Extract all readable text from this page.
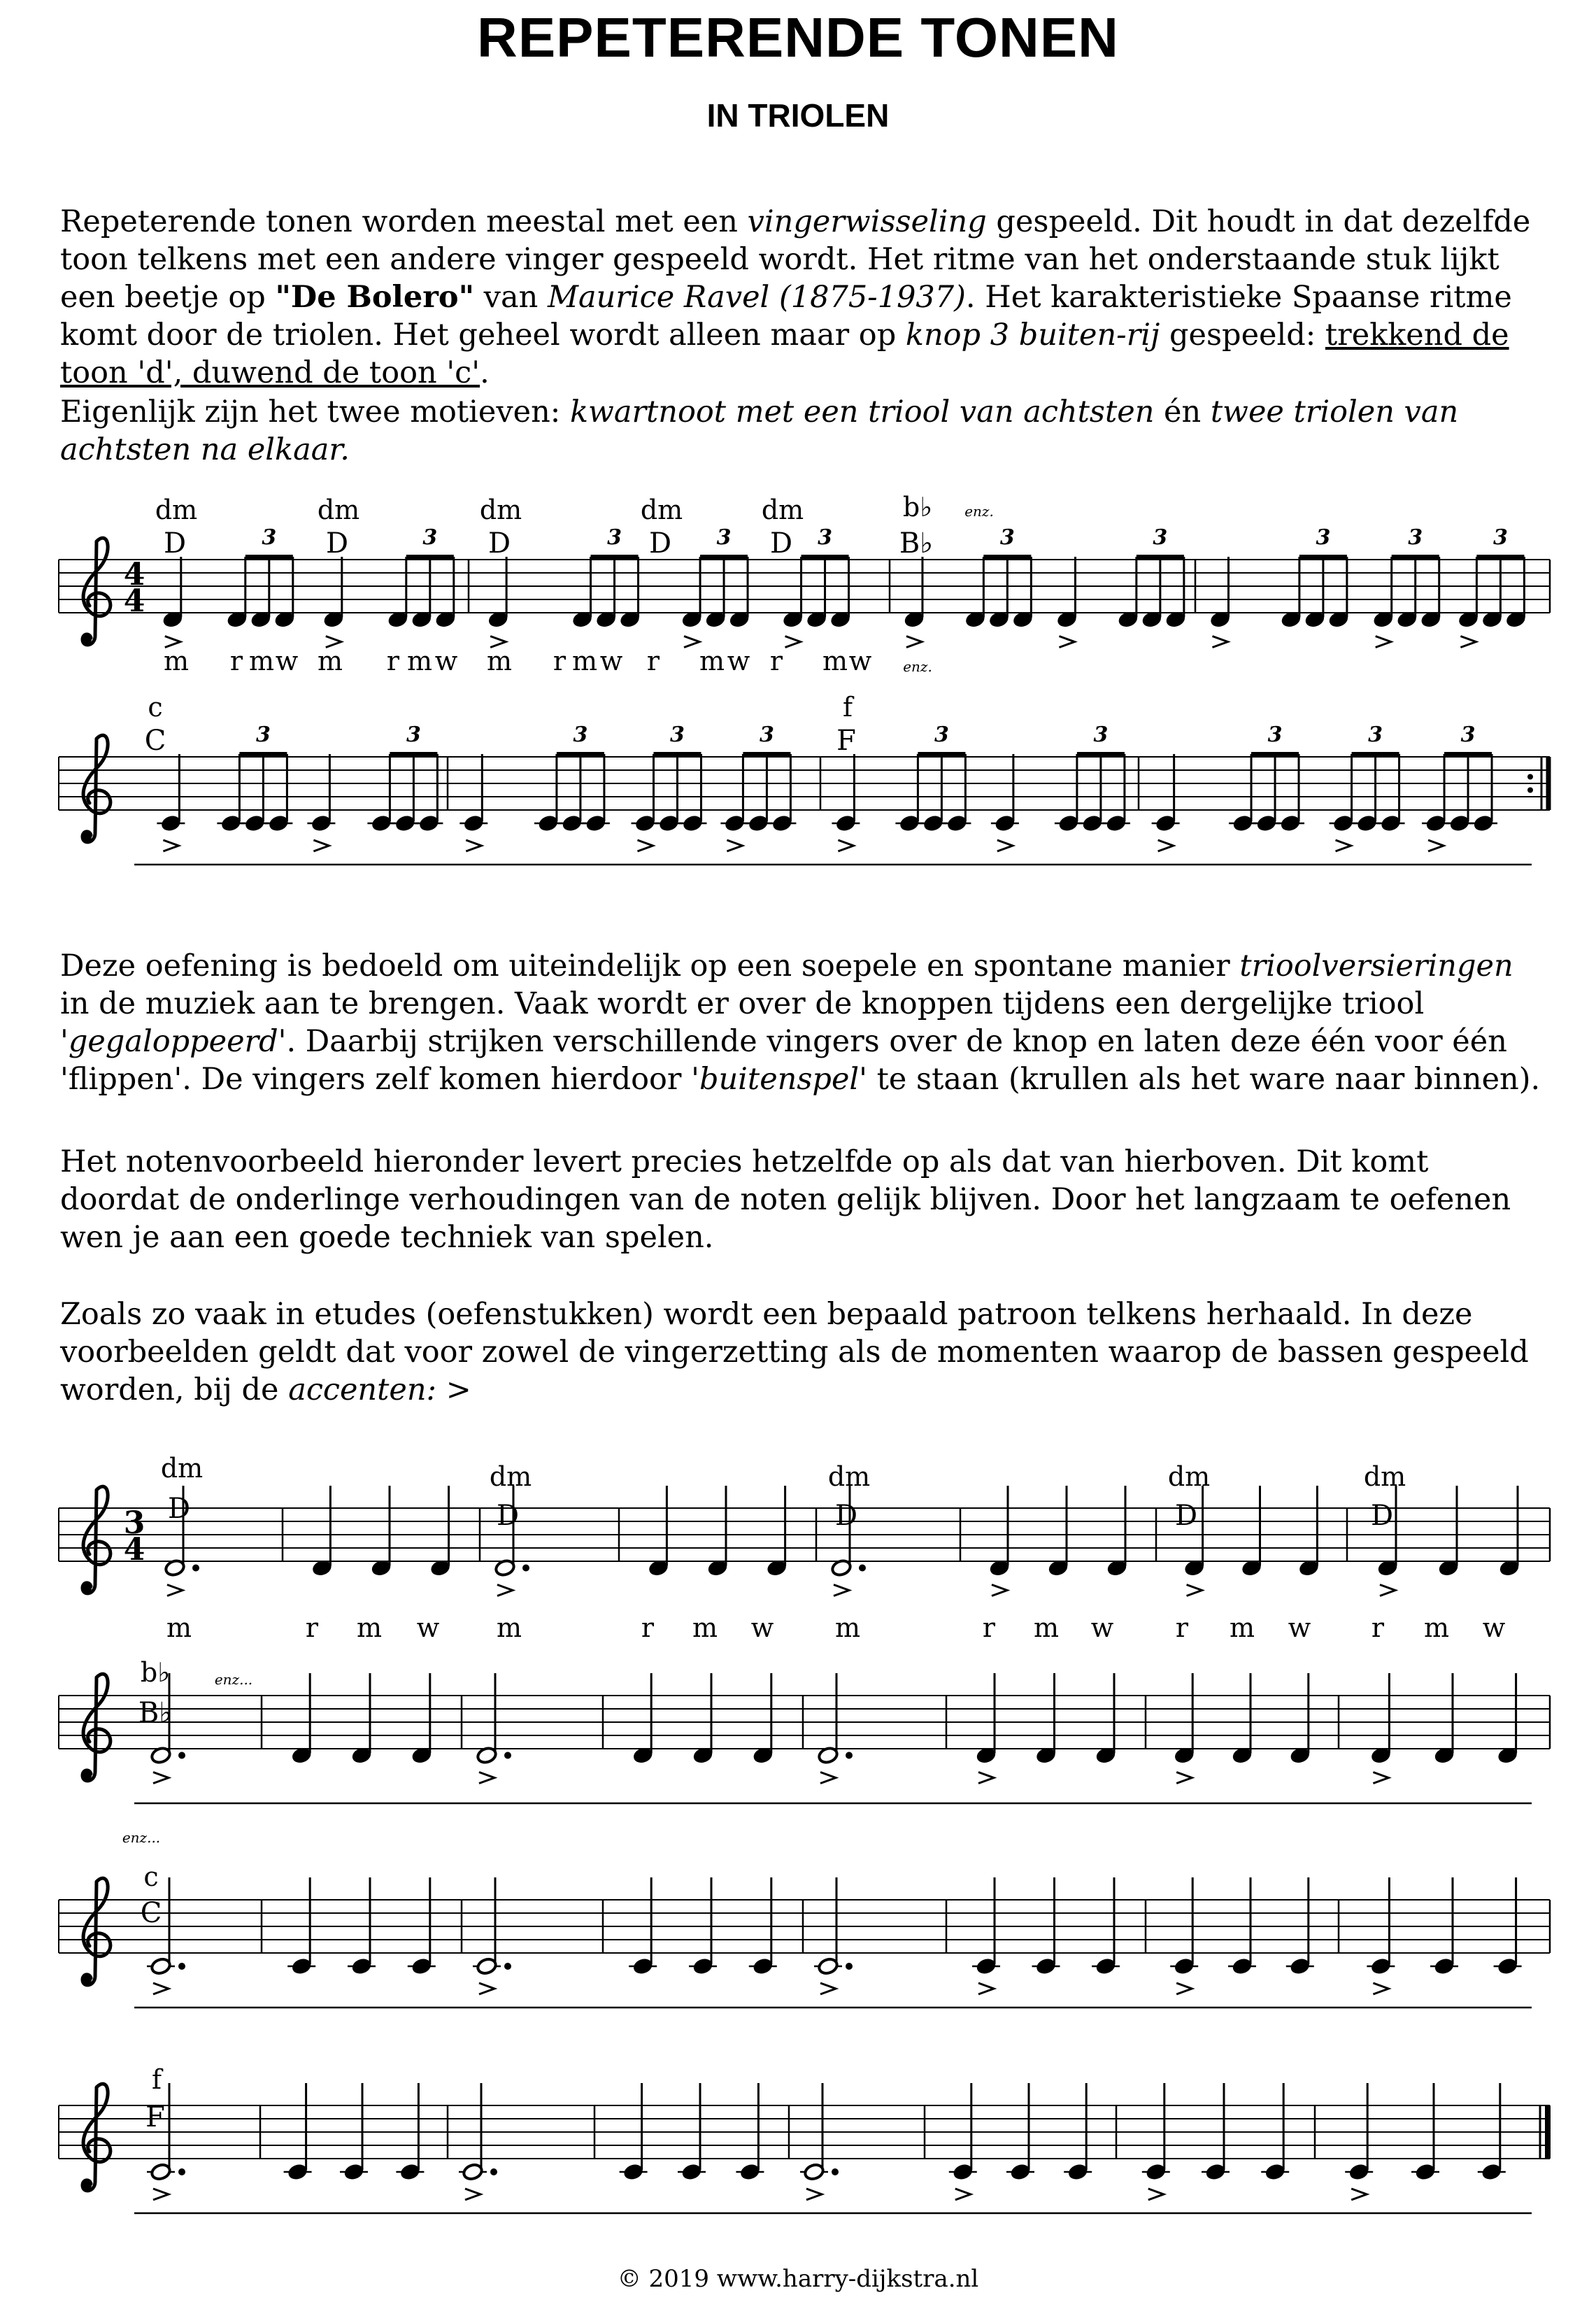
REPETERENDE TONEN
IN TRIOLEN
Repeterende tonen worden meestal met een vingerwisseling gespeeld. Dit houdt in dat dezelfde toon telkens met een andere vinger gespeeld wordt. Het ritme van het onderstaande stuk lijkt een beetje op "De Bolero" van Maurice Ravel (1875-1937). Het karakteristieke Spaanse ritme komt door de triolen. Het geheel wordt alleen maar op knop 3 buiten-rij gespeeld: trekkend de toon 'd', duwend de toon 'c'.
Eigenlijk zijn het twee motieven: kwartnoot met een triool van achtsten én twee triolen van achtsten na elkaar.
Deze oefening is bedoeld om uiteindelijk op een soepele en spontane manier trioolversieringen in de muziek aan te brengen. Vaak wordt er over de knoppen tijdens een dergelijke triool 'gegaloppeerd'. Daarbij strijken verschillende vingers over de knop en laten deze één voor één 'flippen'. De vingers zelf komen hierdoor 'buitenspel' te staan (krullen als het ware naar binnen).
Het notenvoorbeeld hieronder levert precies hetzelfde op als dat van hierboven. Dit komt doordat de onderlinge verhoudingen van de noten gelijk blijven. Door het langzaam te oefenen wen je aan een goede techniek van spelen.
Zoals zo vaak in etudes (oefenstukken) wordt een bepaald patroon telkens herhaald. In deze voorbeelden geldt dat voor zowel de vingerzetting als de momenten waarop de bassen gespeeld worden, bij de accenten: >
4
4
3	3	3	3	3	3	3	3	3	3
dm
D
dm
D
dm
D
dm
D
dm
D
b♭
B♭
enz.
m r m w m r m w m r m w r m w r m w enz.
3	3	3	3	3	3	3	3	3	3
c
C
f
F
3
4
dm
D
dm
D
dm
D
dm
D
dm
D
m	r m w m	r m w m	r m w r m w r m w
b♭	enz...
B♭
enz...
c
C
f
F
© 2019 www.harry-dijkstra.nl
